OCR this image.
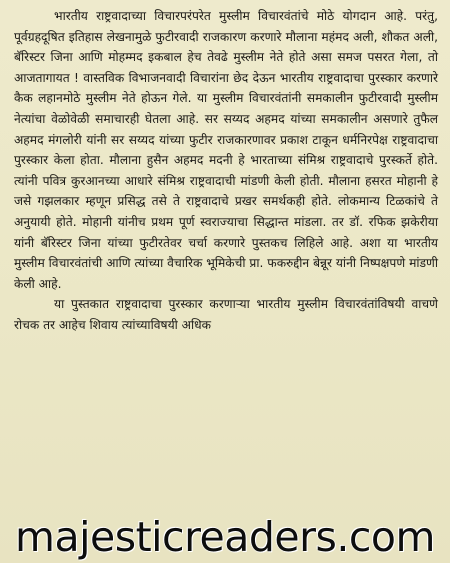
भारतीय राष्ट्रवादाच्या विचारपरंपरेत मुस्लीम विचारवंतांचे मोठे योगदान आहे. परंतु, पूर्वग्रहदूषित इतिहास लेखनामुळे फुटीरवादी राजकारण करणारे मौलाना महंमद अली, शौकत अली, बॅरिस्टर जिना आणि मोहम्मद इकबाल हेच तेवढे मुस्लीम नेते होते असा समज पसरत गेला, तो आजतागायत ! वास्तविक विभाजनवादी विचारांना छेद देऊन भारतीय राष्ट्रवादाचा पुरस्कार करणारे कैक लहानमोठे मुस्लीम नेते होऊन गेले. या मुस्लीम विचारवंतांनी समकालीन फुटीरवादी मुस्लीम नेत्यांचा वेळोवेळी समाचारही घेतला आहे. सर सय्यद अहमद यांच्या समकालीन असणारे तुफैल अहमद मंगलोरी यांनी सर सय्यद यांच्या फुटीर राजकारणावर प्रकाश टाकून धर्मनिरपेक्ष राष्ट्रवादाचा पुरस्कार केला होता. मौलाना हुसैन अहमद मदनी हे भारताच्या संमिश्र राष्ट्रवादाचे पुरस्कर्ते होते. त्यांनी पवित्र कुरआनच्या आधारे संमिश्र राष्ट्रवादाची मांडणी केली होती. मौलाना हसरत मोहानी हे जसे गझलकार म्हणून प्रसिद्ध तसे ते राष्ट्रवादाचे प्रखर समर्थकही होते. लोकमान्य टिळकांचे ते अनुयायी होते. मोहानी यांनीच प्रथम पूर्ण स्वराज्याचा सिद्धान्त मांडला. तर डॉ. रफिक झकेरीया यांनी बॅरिस्टर जिना यांच्या फुटीरतेवर चर्चा करणारे पुस्तकच लिहिले आहे. अशा या भारतीय मुस्लीम विचारवंतांची आणि त्यांच्या वैचारिक भूमिकेची प्रा. फकरुद्दीन बेन्नूर यांनी निष्पक्षपणे मांडणी केली आहे.

या पुस्तकात राष्ट्रवादाचा पुरस्कार करणाऱ्या भारतीय मुस्लीम विचारवंतांविषयी वाचणे रोचक तर आहेच शिवाय त्यांच्याविषयी अधिक

majesticreaders.com
